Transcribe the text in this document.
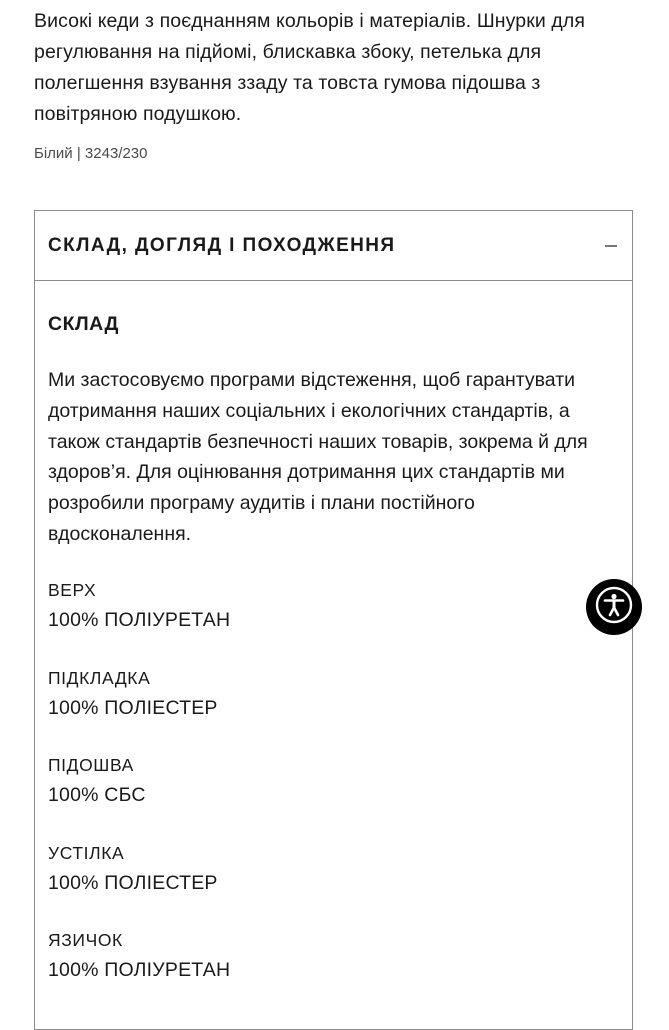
Високі кеди з поєднанням кольорів і матеріалів. Шнурки для регулювання на підйомі, блискавка збоку, петелька для полегшення взування ззаду та товста гумова підошва з повітряною подушкою.

Білий | 3243/230

СКЛАД, ДОГЛЯД І ПОХОДЖЕННЯ
СКЛАД

Ми застосовуємо програми відстеження, щоб гарантувати дотримання наших соціальних і екологічних стандартів, а також стандартів безпечності наших товарів, зокрема й для здоров’я. Для оцінювання дотримання цих стандартів ми розробили програму аудитів і плани постійного вдосконалення.

ВЕРХ
100% ПОЛІУРЕТАН
ПІДКЛАДКА
100% ПОЛІЕСТЕР
ПІДОШВА
100% СБС
УСТІЛКА
100% ПОЛІЕСТЕР
ЯЗИЧОК
100% ПОЛІУРЕТАН
